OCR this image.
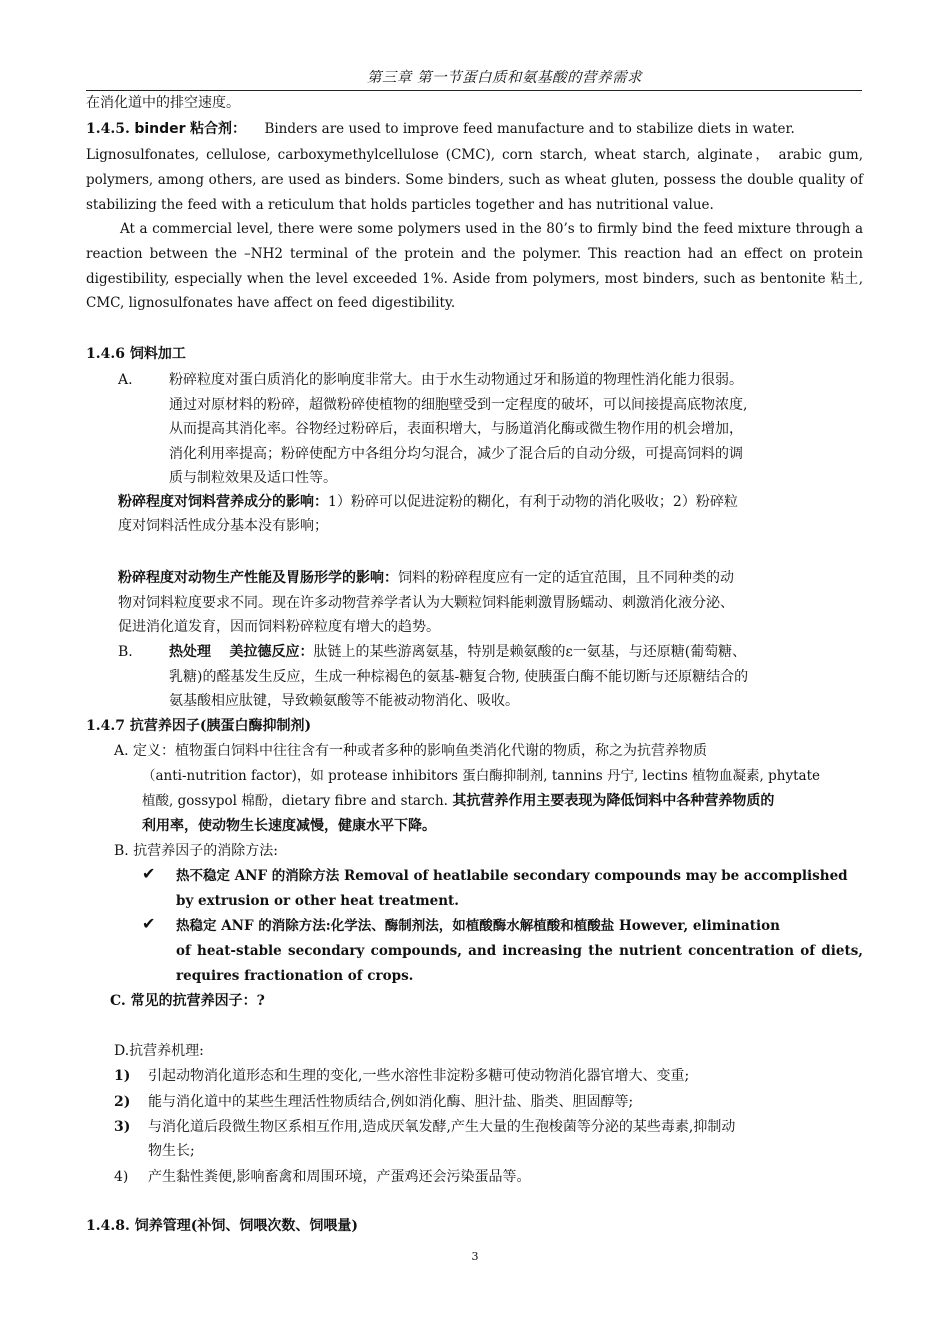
第三章 第一节蛋白质和氨基酸的营养需求
在消化道中的排空速度。
1.4.5. binder 粘合剂： Binders are used to improve feed manufacture and to stabilize diets in water.
Lignosulfonates, cellulose, carboxymethylcellulose (CMC), corn starch, wheat starch, alginate， arabic gum,
polymers, among others, are used as binders. Some binders, such as wheat gluten, possess the double quality of
stabilizing the feed with a reticulum that holds particles together and has nutritional value.
At a commercial level, there were some polymers used in the 80’s to firmly bind the feed mixture through a
reaction between the –NH2 terminal of the protein and the polymer. This reaction had an effect on protein
digestibility, especially when the level exceeded 1%. Aside from polymers, most binders, such as bentonite 粘土,
CMC, lignosulfonates have affect on feed digestibility.
1.4.6 饲料加工
A.	粉碎粒度对蛋白质消化的影响度非常大。由于水生动物通过牙和肠道的物理性消化能力很弱。
通过对原材料的粉碎，超微粉碎使植物的细胞壁受到一定程度的破坏，可以间接提高底物浓度,
从而提高其消化率。谷物经过粉碎后，表面积增大，与肠道消化酶或微生物作用的机会增加，
消化利用率提高；粉碎使配方中各组分均匀混合，减少了混合后的自动分级，可提高饲料的调
质与制粒效果及适口性等。
粉碎程度对饲料营养成分的影响：1）粉碎可以促进淀粉的糊化，有利于动物的消化吸收；2）粉碎粒
度对饲料活性成分基本没有影响；
粉碎程度对动物生产性能及胃肠形学的影响：饲料的粉碎程度应有一定的适宜范围，且不同种类的动
物对饲料粒度要求不同。现在许多动物营养学者认为大颗粒饲料能刺激胃肠蠕动、刺激消化液分泌、
促进消化道发育，因而饲料粉碎粒度有增大的趋势。
B.	热处理 美拉德反应：肽链上的某些游离氨基，特别是赖氨酸的ε一氨基，与还原糖(葡萄糖、
乳糖)的醛基发生反应，生成一种棕褐色的氨基-糖复合物, 使胰蛋白酶不能切断与还原糖结合的
氨基酸相应肽键，导致赖氨酸等不能被动物消化、吸收。
1.4.7 抗营养因子(胰蛋白酶抑制剂)
A. 定义：植物蛋白饲料中往往含有一种或者多种的影响鱼类消化代谢的物质，称之为抗营养物质
（anti-nutrition factor)，如 protease inhibitors 蛋白酶抑制剂, tannins 丹宁, lectins 植物血凝素, phytate
植酸, gossypol 棉酚，dietary fibre and starch. 其抗营养作用主要表现为降低饲料中各种营养物质的
利用率，使动物生长速度减慢，健康水平下降。
B. 抗营养因子的消除方法:
✔ 热不稳定 ANF 的消除方法 Removal of heatlabile secondary compounds may be accomplished
by extrusion or other heat treatment.
✔ 热稳定 ANF 的消除方法:化学法、酶制剂法，如植酸酶水解植酸和植酸盐 However, elimination
of heat-stable secondary compounds, and increasing the nutrient concentration of diets,
requires fractionation of crops.
C. 常见的抗营养因子：?
D.抗营养机理:
1) 引起动物消化道形态和生理的变化,一些水溶性非淀粉多糖可使动物消化器官增大、变重;
2) 能与消化道中的某些生理活性物质结合,例如消化酶、胆汁盐、脂类、胆固醇等;
3) 与消化道后段微生物区系相互作用,造成厌氧发酵,产生大量的生孢梭菌等分泌的某些毒素,抑制动
物生长;
4) 产生黏性粪便,影响畜禽和周围环境，产蛋鸡还会污染蛋品等。
1.4.8. 饲养管理(补饲、饲喂次数、饲喂量)
3
